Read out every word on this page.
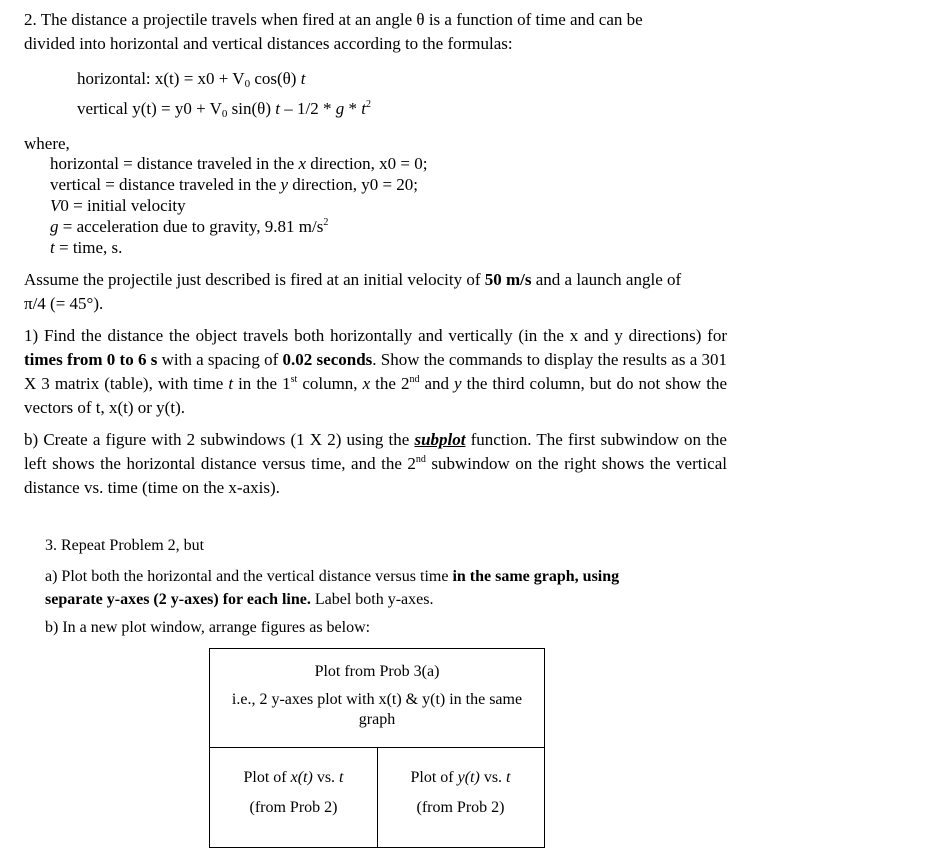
2. The distance a projectile travels when fired at an angle θ is a function of time and can be
divided into horizontal and vertical distances according to the formulas:
horizontal: $x(t) = x0 + V_0$ cos(θ) t
vertical $y(t) = y0 + V_0$ sin(θ) t – 1/2 * g * $t^2$
where,
horizontal = distance traveled in the x direction, x0 = 0;
vertical = distance traveled in the y direction, y0 = 20;
V0 = initial velocity
g = acceleration due to gravity, 9.81 $m/s^2$
t = time, s.
Assume the projectile just described is fired at an initial velocity of 50 m/s and a launch angle of
π/4 (= 45°).
1) Find the distance the object travels both horizontally and vertically (in the x and y directions) for times from 0 to 6 s with a spacing of 0.02 seconds. Show the commands to display the results as a 301 X 3 matrix (table), with time t in the 1st column, x the 2nd and y the third column, but do not show the vectors of t, x(t) or y(t).
b) Create a figure with 2 subwindows (1 X 2) using the subplot function. The first subwindow on the left shows the horizontal distance versus time, and the 2nd subwindow on the right shows the vertical distance vs. time (time on the x-axis).
3. Repeat Problem 2, but
a) Plot both the horizontal and the vertical distance versus time in the same graph, using
separate y-axes (2 y-axes) for each line. Label both y-axes.
b) In a new plot window, arrange figures as below:
Plot from Prob 3(a)
i.e., 2 y-axes plot with x(t) & y(t) in the same graph
Plot of x(t) vs. t
(from Prob 2)
Plot of y(t) vs. t
(from Prob 2)
